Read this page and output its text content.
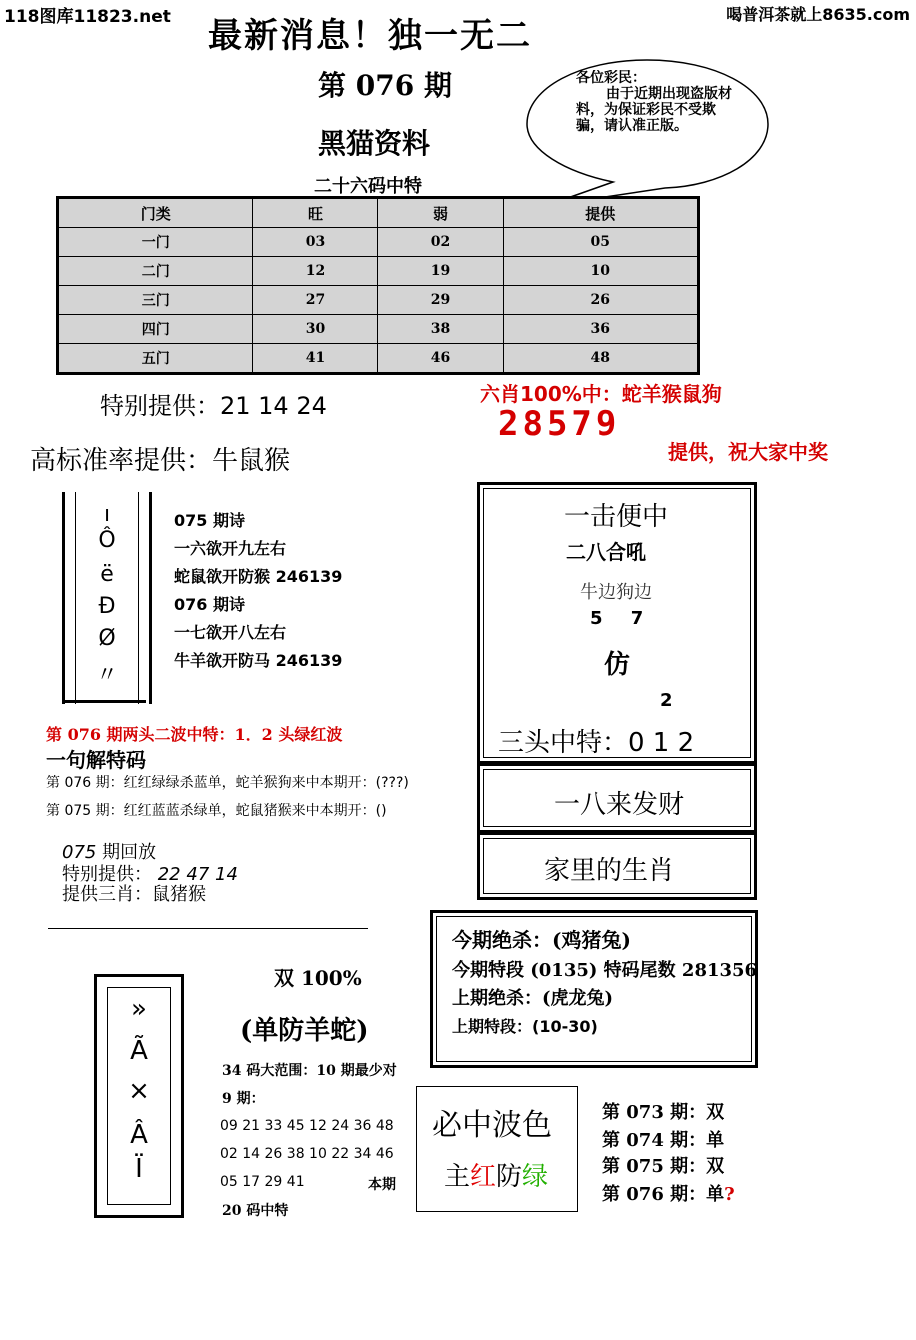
118图库11823.net	喝普洱茶就上8635.com
最新消息！独一无二
第 076 期
黑猫资料
二十六码中特
各位彩民：
由于近期出现盗版材料，为保证彩民不受欺骗，请认准正版。
门类	旺	弱	提供
一门	03	02	05
二门	12	19	10
三门	27	29	26
四门	30	38	36
五门	41	46	48
特别提供：21 14 24	六肖100%中：蛇羊猴鼠狗
28579
提供，祝大家中奖
高标准率提供：牛鼠猴
ı
Ô
ë
Ð
Ø
〃
075 期诗
一六欲开九左右
蛇鼠欲开防猴 246139
076 期诗
一七欲开八左右
牛羊欲开防马 246139
一击便中
二八合吼
牛边狗边
5 7
仿
2
三头中特：0 1 2
一八来发财
家里的生肖
第 076 期两头二波中特：1．2 头绿红波
一句解特码
第 076 期：红红绿绿杀蓝单，蛇羊猴狗来中本期开：(???)
第 075 期：红红蓝蓝杀绿单，蛇鼠猪猴来中本期开：()
075 期回放
特别提供： 22 47 14
提供三肖：鼠猪猴
今期绝杀：(鸡猪兔)
今期特段 (0135) 特码尾数 281356
上期绝杀：(虎龙兔)
上期特段：(10-30)
»
Ã
×
Â
Ï
双 100%
(单防羊蛇)
34 码大范围：10 期最少对
9 期：
09 21 33 45 12 24 36 48
02 14 26 38 10 22 34 46
05 17 29 41	本期
20 码中特
必中波色
主红防绿
第 073 期：双
第 074 期：单
第 075 期：双
第 076 期：单?
